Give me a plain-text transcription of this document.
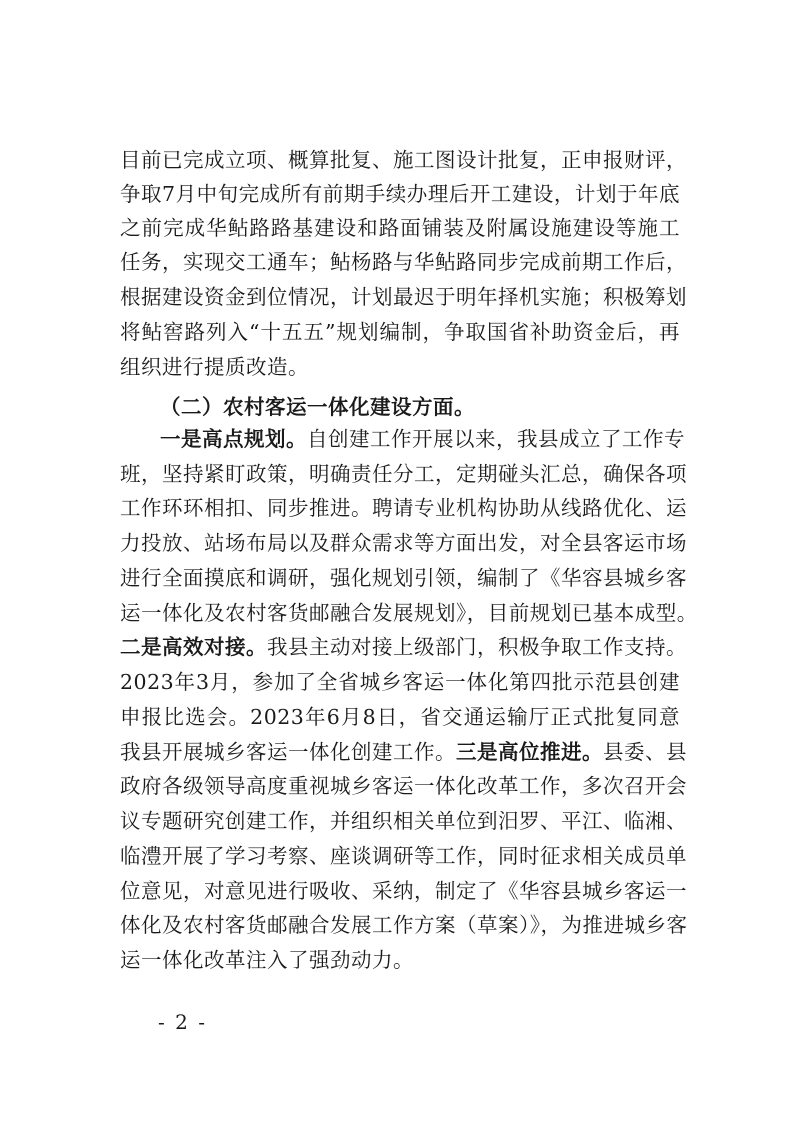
目前已完成立项、概算批复、施工图设计批复，正申报财评，
争取7月中旬完成所有前期手续办理后开工建设，计划于年底
之前完成华鲇路路基建设和路面铺装及附属设施建设等施工
任务，实现交工通车；鲇杨路与华鲇路同步完成前期工作后，
根据建设资金到位情况，计划最迟于明年择机实施；积极筹划
将鲇窖路列入“十五五”规划编制，争取国省补助资金后，再
组织进行提质改造。
（二）农村客运一体化建设方面。
一是高点规划。自创建工作开展以来，我县成立了工作专
班，坚持紧盯政策，明确责任分工，定期碰头汇总，确保各项
工作环环相扣、同步推进。聘请专业机构协助从线路优化、运
力投放、站场布局以及群众需求等方面出发，对全县客运市场
进行全面摸底和调研，强化规划引领，编制了《华容县城乡客
运一体化及农村客货邮融合发展规划》，目前规划已基本成型。
二是高效对接。我县主动对接上级部门，积极争取工作支持。
2023年3月，参加了全省城乡客运一体化第四批示范县创建
申报比选会。2023年6月8日，省交通运输厅正式批复同意
我县开展城乡客运一体化创建工作。三是高位推进。县委、县
政府各级领导高度重视城乡客运一体化改革工作，多次召开会
议专题研究创建工作，并组织相关单位到汨罗、平江、临湘、
临澧开展了学习考察、座谈调研等工作，同时征求相关成员单
位意见，对意见进行吸收、采纳，制定了《华容县城乡客运一
体化及农村客货邮融合发展工作方案（草案）》，为推进城乡客
运一体化改革注入了强劲动力。
- 2 -
